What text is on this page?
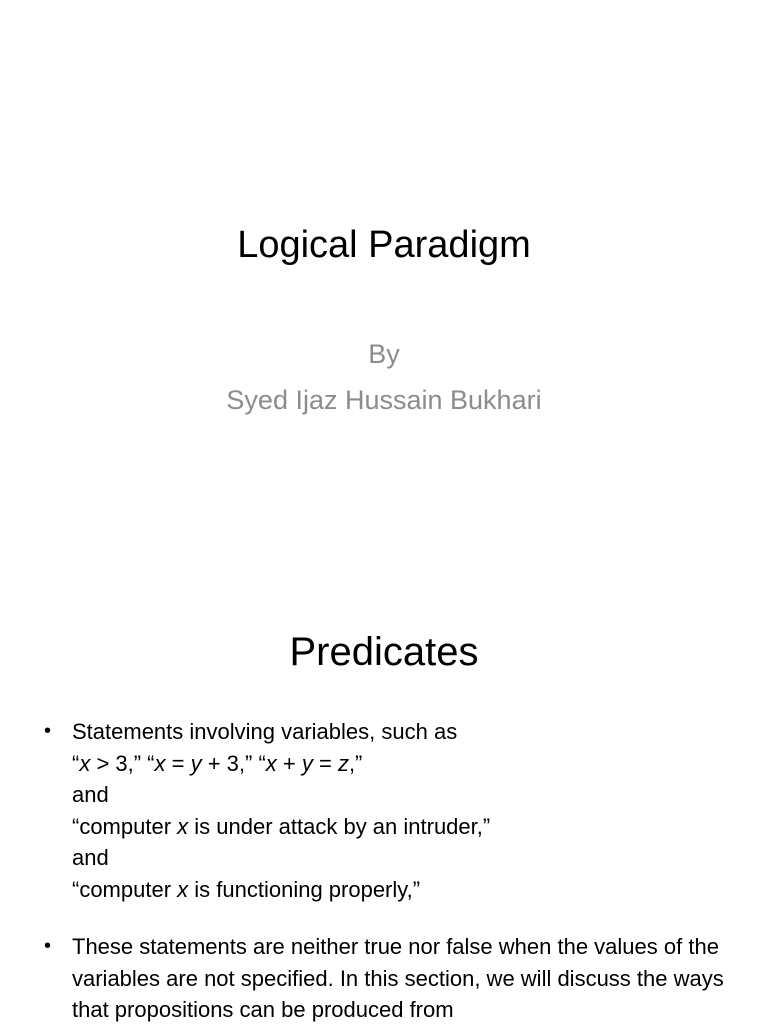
Logical Paradigm
By
Syed Ijaz Hussain Bukhari
Predicates
• Statements involving variables, such as
“x > 3,” “x = y + 3,” “x + y = z,”
and
“computer x is under attack by an intruder,”
and
“computer x is functioning properly,”
• These statements are neither true nor false when the values of the variables are not specified. In this section, we will discuss the ways that propositions can be produced from
